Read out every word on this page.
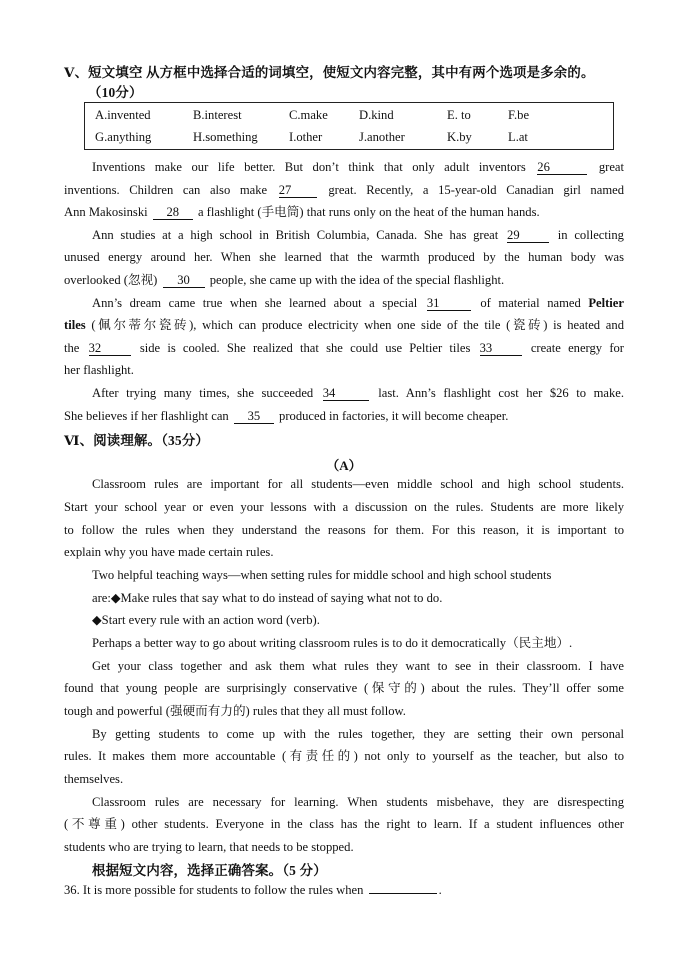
Ⅴ、短文填空 从方框中选择合适的词填空，使短文内容完整，其中有两个选项是多余的。
（10分）
A.invented	B.interest	C.make D.kind	E. to	F.be
G.anything	H.something I.other	J.another	K.by	L.at
Inventions make our life better. But don’t think that only adult inventors 26	great
inventions. Children can also make 27	great. Recently, a 15-year-old Canadian girl named
Ann Makosinski 28 a flashlight (手电筒) that runs only on the heat of the human hands.
Ann studies at a high school in British Columbia, Canada. She has great 29	in collecting
unused energy around her. When she learned that the warmth produced by the human body was
overlooked (忽视) 30 people, she came up with the idea of the special flashlight.
Ann’s dream came true when she learned about a special 31	of material named Peltier
tiles (佩尔蒂尔瓷砖), which can produce electricity when one side of the tile (瓷砖) is heated and
the 32	side is cooled. She realized that she could use Peltier tiles 33	create energy for
her flashlight.
After trying many times, she succeeded 34	last. Ann’s flashlight cost her $26 to make.
She believes if her flashlight can 35 produced in factories, it will become cheaper.
Ⅵ、阅读理解。（35分）
（A）
Classroom rules are important for all students—even middle school and high school students.
Start your school year or even your lessons with a discussion on the rules. Students are more likely
to follow the rules when they understand the reasons for them. For this reason, it is important to
explain why you have made certain rules.
Two helpful teaching ways—when setting rules for middle school and high school students
are:◆Make rules that say what to do instead of saying what not to do.
◆Start every rule with an action word (verb).
Perhaps a better way to go about writing classroom rules is to do it democratically（民主地）.
Get your class together and ask them what rules they want to see in their classroom. I have
found that young people are surprisingly conservative (保守的) about the rules. They’ll offer some
tough and powerful (强硬而有力的) rules that they all must follow.
By getting students to come up with the rules together, they are setting their own personal
rules. It makes them more accountable (有责任的) not only to yourself as the teacher, but also to
themselves.
Classroom rules are necessary for learning. When students misbehave, they are disrespecting
(不尊重) other students. Everyone in the class has the right to learn. If a student influences other
students who are trying to learn, that needs to be stopped.
根据短文内容，选择正确答案。（5 分）
36. It is more possible for students to follow the rules when	.
